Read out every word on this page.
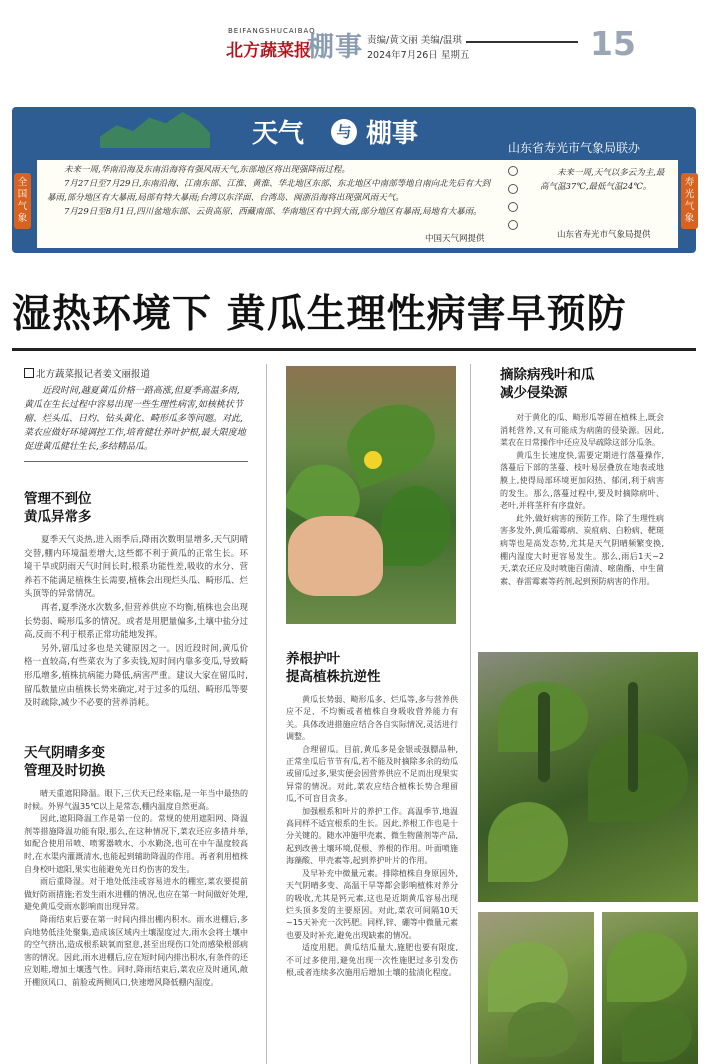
BEIFANGSHUCAIBAO
北方蔬菜报
棚事 责编/黄文丽 美编/温琪
2024年7月26日 星期五	15
天气	与 棚事	山东省寿光市气象局联办
全国气象
寿光气象

未来一周,华南沿海及东南沿海将有强风雨天气,东部地区将出现强降雨过程。

7月27日至7月29日,东南沿海、江南东部、江淮、黄淮、华北地区东部、东北地区中南部等地自南向北先后有大到暴雨,部分地区有大暴雨,局部有特大暴雨;台湾以东洋面、台湾岛、闽浙沿海将出现强风雨天气。

7月29日至8月1日,四川盆地东部、云贵高原、西藏南部、华南地区有中到大雨,部分地区有暴雨,局地有大暴雨。

中国天气网提供

未来一周,天气以多云为主,最高气温37℃,最低气温24℃。

山东省寿光市气象局提供
湿热环境下 黄瓜生理性病害早预防
北方蔬菜报记者姜文丽报道

近段时间,越夏黄瓜价格一路高涨,但夏季高温多雨,黄瓜在生长过程中容易出现一些生理性病害,如核桃状节瘤、烂头瓜、日灼、钻头黄化、畸形瓜多等问题。对此,菜农应做好环境调控工作,培育健壮养叶护根,最大限度地促进黄瓜健壮生长,多结精品瓜。

管理不到位

黄瓜异常多

夏季天气炎热,进入雨季后,降雨次数明显增多,天气阴晴交替,棚内环境温差增大,这些都不利于黄瓜的正常生长。环境干旱或阴雨天气时间长时,根系功能性差,吸收的水分、营养若不能满足植株生长需要,植株会出现烂头瓜、畸形瓜、烂头顶等的异常情况。

再者,夏季浇水次数多,但营养供应不均衡,植株也会出现长势弱、畸形瓜多的情况。或者是用肥量偏多,土壤中盐分过高,反而不利于根系正常功能地发挥。

另外,留瓜过多也是关键原因之一。因近段时间,黄瓜价格一直较高,有些菜农为了多卖钱,短时间内靠多变瓜,导致畸形瓜增多,植株抗病能力降低,病害严重。建议大家在留瓜时,留瓜数量应由植株长势来确定,对于过多的瓜纽、畸形瓜等要及时疏除,减少不必要的营养消耗。

天气阴晴多变

管理及时切换

晴天重遮阳降温。眼下,三伏天已经来临,是一年当中最热的时候。外界气温35℃以上是常态,棚内温度自然更高。

因此,遮阳降温工作是第一位的。常规的使用遮阳网、降温剂等措施降温功能有限,那么,在这种情况下,菜农还应多措并举,如配合使用吊喷、喷雾器喷水、小水勤浇,也可在中午温度较高时,在水渠内灌溉清水,也能起到辅助降温的作用。再者利用植株自身校叶遮阳,果实也能避免光日灼伤害的发生。

雨后重降湿。对于地处低洼或容易进水的棚室,菜农要提前做好防雨措施;若发生雨水进棚的情况,也应在第一时间做好处理,避免黄瓜受雨水影响而出现异常。

降雨结束后要在第一时间内排出棚内积水。雨水进棚后,多向地势低洼处聚集,造成该区域内土壤湿度过大,雨水会将土壤中的空气挤出,造成根系缺氧而窒息,甚至出现伤口处而感染根部病害的情况。因此,雨水进棚后,应在短时间内排出积水,有条件的还应划畦,增加土壤透气性。同时,降雨结束后,菜农应及时通风,敞开棚顶风口、前脸或两侧风口,快速增风降低棚内湿度。

养根护叶

提高植株抗逆性

黄瓜长势弱、畸形瓜多、烂瓜等,多与营养供应不足、不均衡或者植株自身吸收营养能力有关。具体改进措施应结合各自实际情况,灵活进行调整。

合理留瓜。目前,黄瓜多是金银或强膘品种,正常坐瓜后节节有瓜,若不能及时摘除多余的幼瓜或留瓜过多,果实便会因营养供应不足而出现果实异常的情况。对此,菜农应结合植株长势合理留瓜,不可盲目贪多。

加强根系和叶片的养护工作。高温季节,地温高同样不适宜根系的生长。因此,养根工作也是十分关键的。随水冲施甲壳素、微生物菌剂等产品,起到改善土壤环境,促根、养根的作用。叶面喷施海藻酸、甲壳素等,起到养护叶片的作用。

及早补充中微量元素。排除植株自身原因外,天气阴晴多变、高温干旱等都会影响植株对养分的吸收,尤其是钙元素,这也是近期黄瓜容易出现烂头顶多发的主要原因。对此,菜农可间隔10天~15天补充一次钙肥。同样,锌、硼等中微量元素也要及时补充,避免出现缺素的情况。

适度用肥。黄瓜结瓜量大,施肥也要有限度,不可过多使用,避免出现一次性施肥过多引发伤根,或者连续多次施用后增加土壤的盐渍化程度。

摘除病残叶和瓜

减少侵染源

对于黄化的瓜、畸形瓜等留在植株上,既会消耗营养,又有可能成为病菌的侵染源。因此,菜农在日常操作中还应及早疏除这部分瓜条。

黄瓜生长速度快,需要定期进行落蔓操作,落蔓后下部的茎蔓、枝叶易层叠放在地表或地膜上,使得局部环境更加闷热、郁闭,利于病害的发生。那么,落蔓过程中,要及时摘除病叶、老叶,并将茎秆有序盘好。

此外,做好病害的预防工作。除了生理性病害多发外,黄瓜霜霉病、炭疽病、白粉病、靶斑病等也是高发态势,尤其是天气阴晴频繁变换,棚内湿度大时更容易发生。那么,雨后1天~2天,菜农还应及时喷施百菌清、嘧菌酯、中生菌素、春雷霉素等药剂,起到预防病害的作用。
